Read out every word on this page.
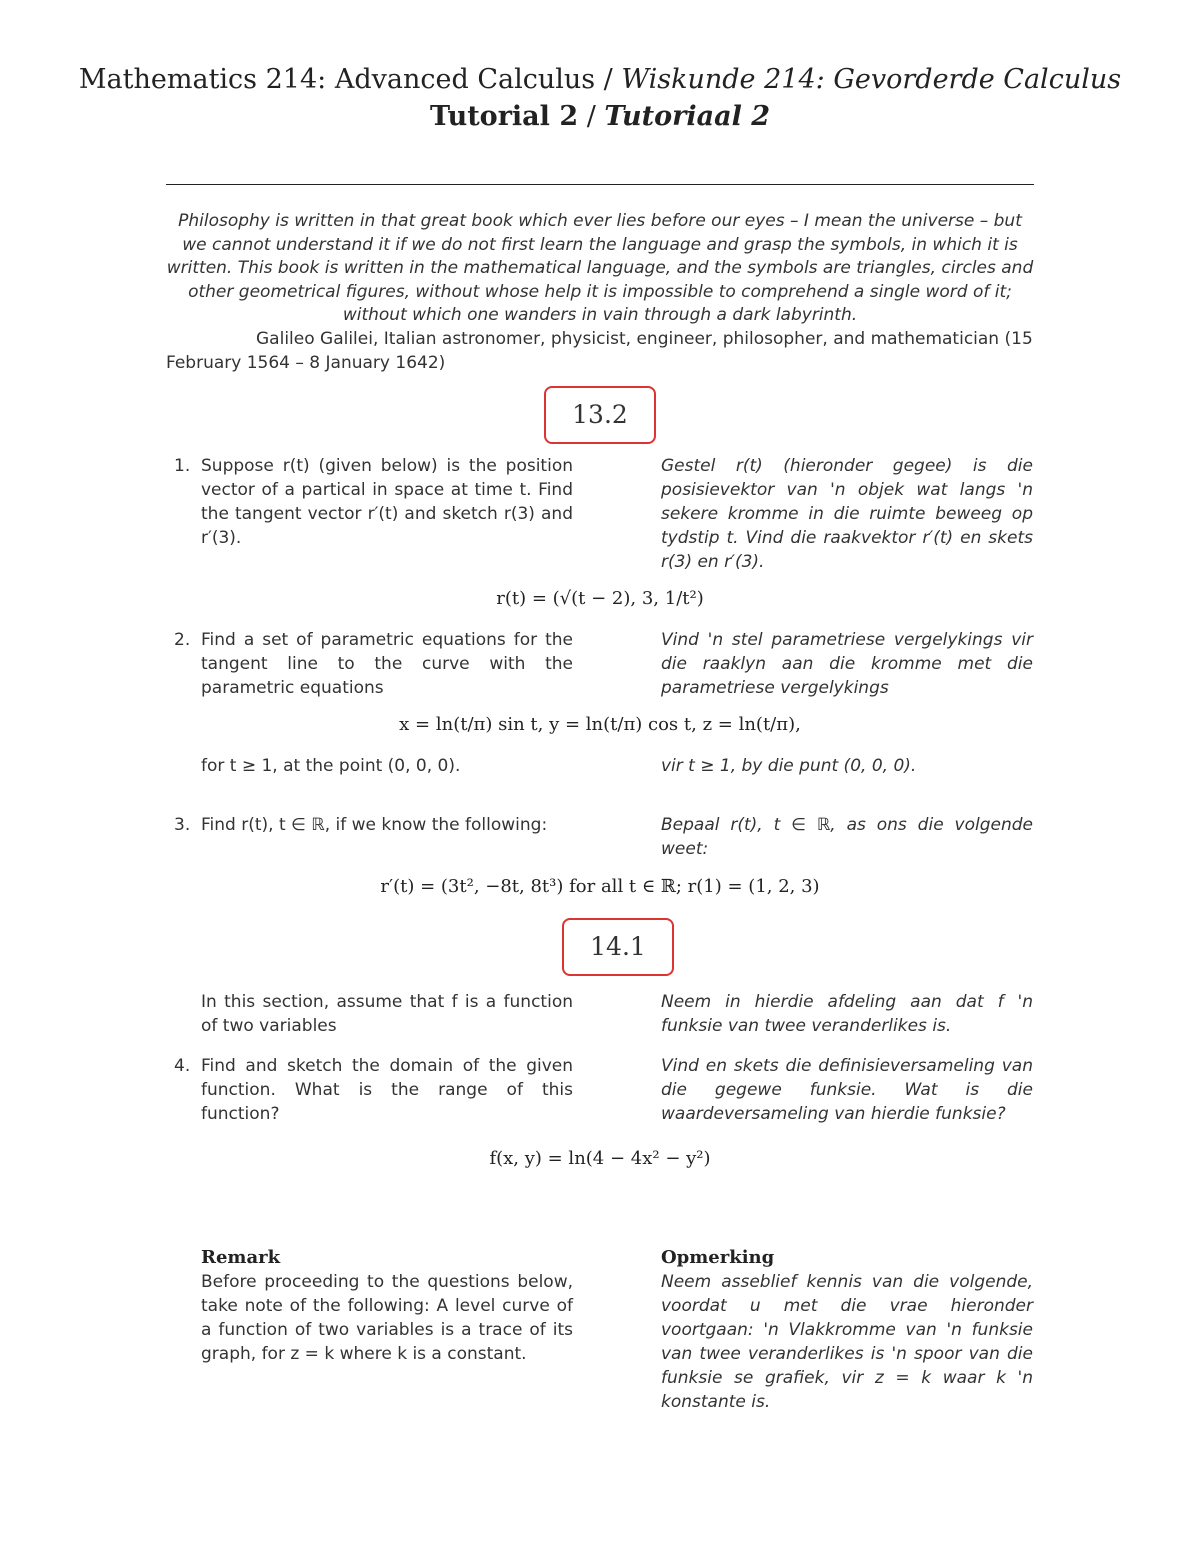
Mathematics 214: Advanced Calculus / Wiskunde 214: Gevorderde Calculus
Tutorial 2 / Tutoriaal 2
Philosophy is written in that great book which ever lies before our eyes – I mean the universe – but we cannot understand it if we do not first learn the language and grasp the symbols, in which it is written. This book is written in the mathematical language, and the symbols are triangles, circles and other geometrical figures, without whose help it is impossible to comprehend a single word of it; without which one wanders in vain through a dark labyrinth.
Galileo Galilei, Italian astronomer, physicist, engineer, philosopher, and mathematician (15 February 1564 – 8 January 1642)
13.2
1. Suppose r(t) (given below) is the position vector of a partical in space at time t. Find the tangent vector r′(t) and sketch r(3) and r′(3).
Gestel r(t) (hieronder gegee) is die posisievektor van 'n objek wat langs 'n sekere kromme in die ruimte beweeg op tydstip t. Vind die raakvektor r′(t) en skets r(3) en r′(3).
r(t) = (√(t − 2), 3, 1/t²)
2. Find a set of parametric equations for the tangent line to the curve with the parametric equations
Vind 'n stel parametriese vergelykings vir die raaklyn aan die kromme met die parametriese vergelykings
x = ln(t/π) sin t, y = ln(t/π) cos t, z = ln(t/π),
for t ≥ 1, at the point (0, 0, 0).	vir t ≥ 1, by die punt (0, 0, 0).
3. Find r(t), t ∈ ℝ, if we know the following:	Bepaal r(t), t ∈ ℝ, as ons die volgende weet:
r′(t) = (3t², −8t, 8t³) for all t ∈ ℝ; r(1) = (1, 2, 3)
14.1
In this section, assume that f is a function of two variables
Neem in hierdie afdeling aan dat f 'n funksie van twee veranderlikes is.
4. Find and sketch the domain of the given function. What is the range of this function?
Vind en skets die definisieversameling van die gegewe funksie. Wat is die waardeversameling van hierdie funksie?
f(x, y) = ln(4 − 4x² − y²)
Remark
Before proceeding to the questions below, take note of the following: A level curve of a function of two variables is a trace of its graph, for z = k where k is a constant.
Opmerking
Neem asseblief kennis van die volgende, voordat u met die vrae hieronder voortgaan: 'n Vlakkromme van 'n funksie van twee veranderlikes is 'n spoor van die funksie se grafiek, vir z = k waar k 'n konstante is.
